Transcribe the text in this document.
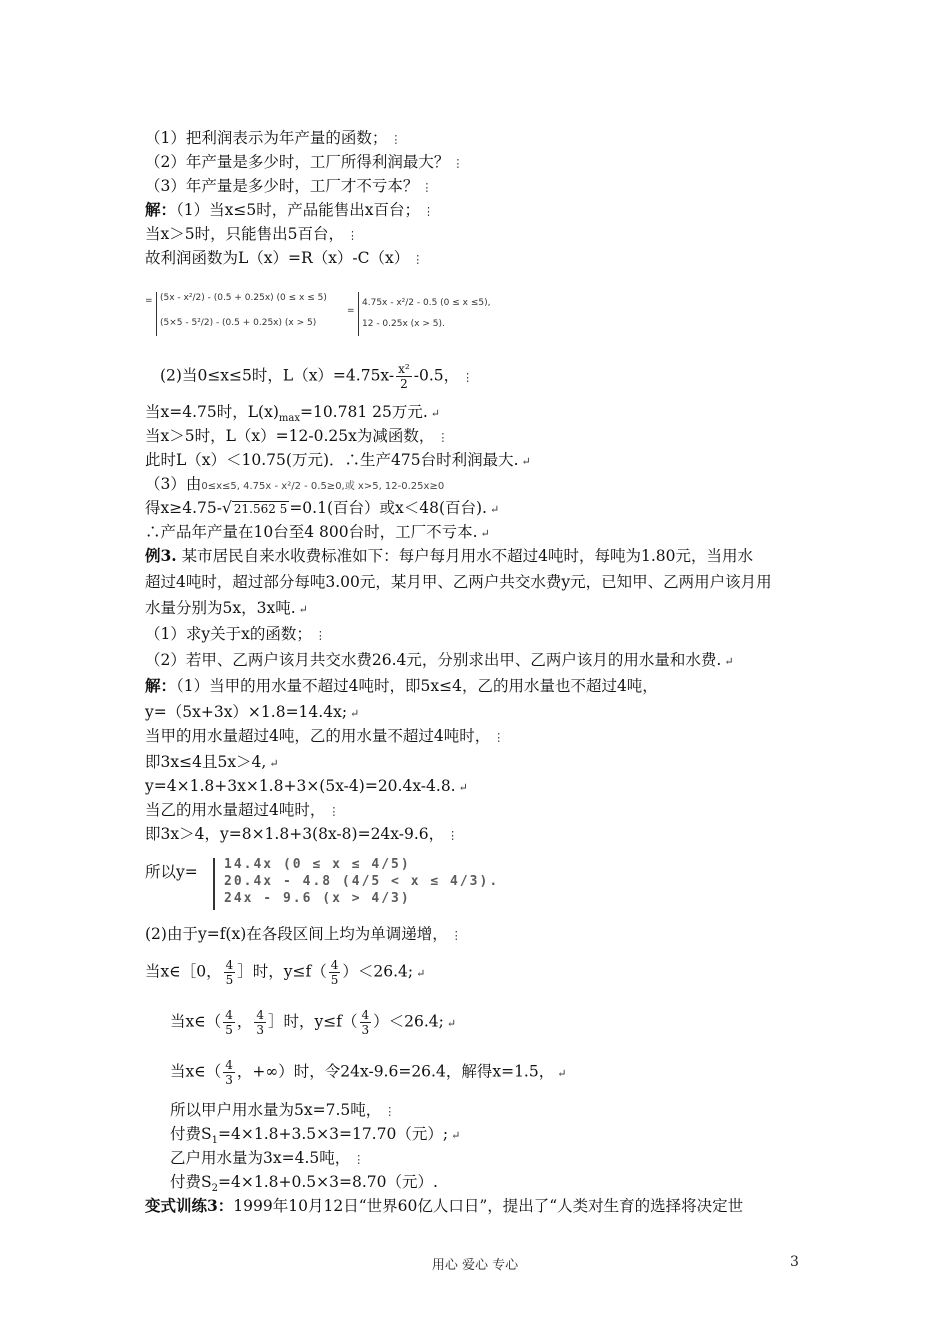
（1）把利润表示为年产量的函数； ⋮
（2）年产量是多少时，工厂所得利润最大？ ⋮
（3）年产量是多少时，工厂才不亏本？ ⋮
解：（1）当x≤5时，产品能售出x百台； ⋮
当x＞5时，只能售出5百台， ⋮
故利润函数为L（x）=R（x）-C（x） ⋮
= (5x - x²/2) - (0.5 + 0.25x) (0 ≤ x ≤ 5)
(5×5 - 5²/2) - (0.5 + 0.25x) (x > 5)
=
4.75x - x²/2 - 0.5 (0 ≤ x ≤5),
12 - 0.25x (x > 5).
(2)当0≤x≤5时，$L(x)=4.75x- \frac{\text{x²}}{2} -0.5$， ⋮
当x=4.75时，$L(x)_{max}=10.781$ 25万元. ↵
当x＞5时，L（x）=12-0.25x为减函数， ⋮
此时L（x）＜10.75(万元)．∴生产475台时利润最大. ↵
（3）由0≤x≤5, 4.75x - x²/2 - 0.5≥0,或 x>5, 12-0.25x≥0
得x≥4.75-√ 21.562 5 =0.1(百台）或x＜48(百台). ↵
∴产品年产量在10台至4 800台时，工厂不亏本. ↵
例3. 某市居民自来水收费标准如下：每户每月用水不超过4吨时，每吨为1.80元，当用水
超过4吨时，超过部分每吨3.00元，某月甲、乙两户共交水费y元，已知甲、乙两用户该月用
水量分别为5x，3x吨. ↵
（1）求y关于x的函数； ⋮
（2）若甲、乙两户该月共交水费26.4元，分别求出甲、乙两户该月的用水量和水费. ↵
解：（1）当甲的用水量不超过4吨时，即5x≤4，乙的用水量也不超过4吨，
y=（5x+3x）×1.8=14.4x; ↵
当甲的用水量超过4吨，乙的用水量不超过4吨时， ⋮
即3x≤4且5x＞4, ↵
y=4×1.8+3x×1.8+3×(5x-4)=20.4x-4.8. ↵
当乙的用水量超过4吨时， ⋮
即3x＞4，y=8×1.8+3(8x-8)=24x-9.6， ⋮
所以y= 14.4x (0 ≤ x ≤ 4/5)
20.4x - 4.8 (4/5 < x ≤ 4/3).
24x - 9.6 (x > 4/3)
(2)由于y=f(x)在各段区间上均为单调递增， ⋮
当x∈［0， $\frac{4}{5}$ ］时，$y\le f( \frac{4}{5} )<26.4$; ↵
当x∈（ $\frac{4}{5}$ ， $\frac{4}{3}$ ］时，$y\le f( \frac{4}{3} )<26.4$; ↵
当x∈（ $\frac{4}{3}$ ，+∞）时，令24x-9.6=26.4，解得x=1.5， ↵
所以甲户用水量为5x=7.5吨， ⋮
付费$S_1=4\times 1.8+3.5\times 3=17.70$（元）; ↵
乙户用水量为3x=4.5吨， ⋮
付费$S_2=4\times 1.8+0.5\times 3=8.70$（元）.
变式训练3：1999年10月12日“世界60亿人口日”，提出了“人类对生育的选择将决定世
用心 爱心 专心	3
